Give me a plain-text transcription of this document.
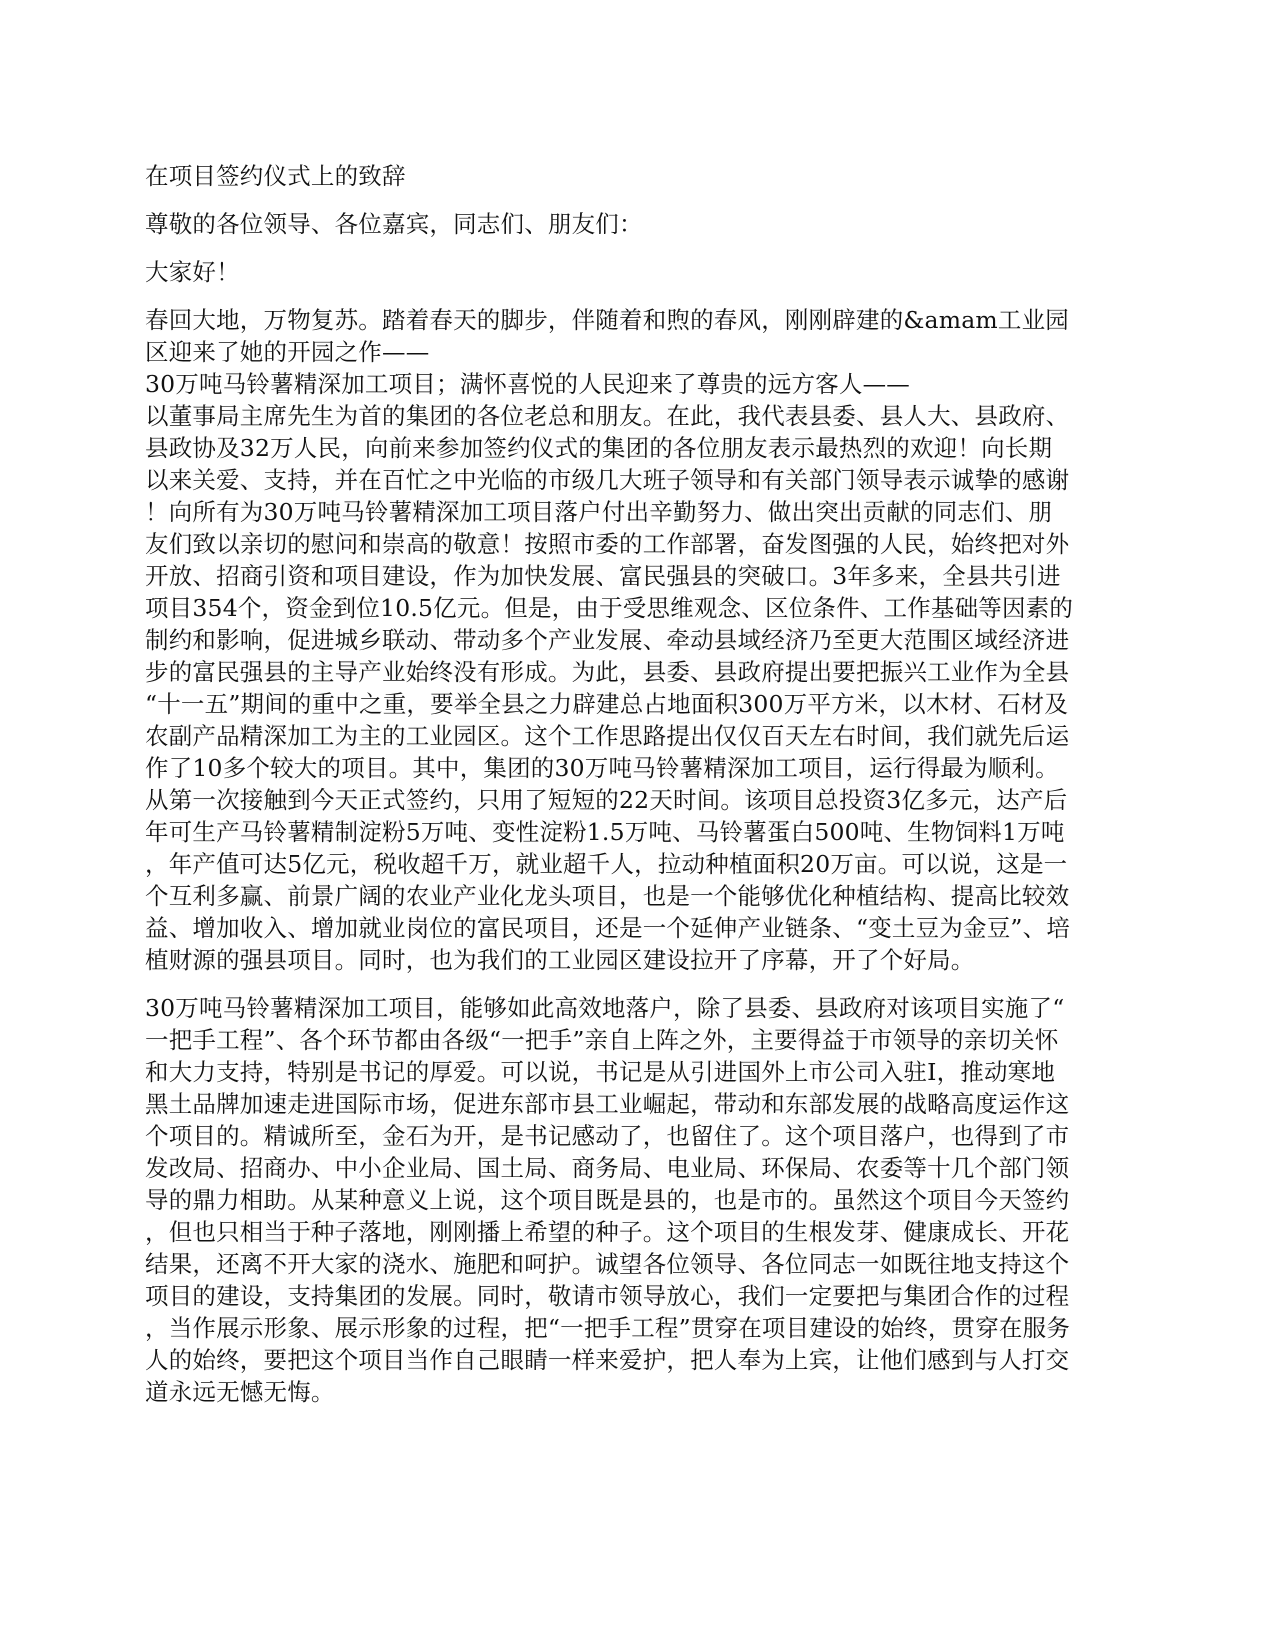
在项目签约仪式上的致辞
尊敬的各位领导、各位嘉宾，同志们、朋友们：
大家好！
春回大地，万物复苏。踏着春天的脚步，伴随着和煦的春风，刚刚辟建的&amam工业园
区迎来了她的开园之作——
30万吨马铃薯精深加工项目；满怀喜悦的人民迎来了尊贵的远方客人——
以董事局主席先生为首的集团的各位老总和朋友。在此，我代表县委、县人大、县政府、
县政协及32万人民，向前来参加签约仪式的集团的各位朋友表示最热烈的欢迎！向长期
以来关爱、支持，并在百忙之中光临的市级几大班子领导和有关部门领导表示诚挚的感谢
！向所有为30万吨马铃薯精深加工项目落户付出辛勤努力、做出突出贡献的同志们、朋
友们致以亲切的慰问和崇高的敬意！按照市委的工作部署，奋发图强的人民，始终把对外
开放、招商引资和项目建设，作为加快发展、富民强县的突破口。3年多来，全县共引进
项目354个，资金到位10.5亿元。但是，由于受思维观念、区位条件、工作基础等因素的
制约和影响，促进城乡联动、带动多个产业发展、牵动县域经济乃至更大范围区域经济进
步的富民强县的主导产业始终没有形成。为此，县委、县政府提出要把振兴工业作为全县
“十一五”期间的重中之重，要举全县之力辟建总占地面积300万平方米，以木材、石材及
农副产品精深加工为主的工业园区。这个工作思路提出仅仅百天左右时间，我们就先后运
作了10多个较大的项目。其中，集团的30万吨马铃薯精深加工项目，运行得最为顺利。
从第一次接触到今天正式签约，只用了短短的22天时间。该项目总投资3亿多元，达产后
年可生产马铃薯精制淀粉5万吨、变性淀粉1.5万吨、马铃薯蛋白500吨、生物饲料1万吨
，年产值可达5亿元，税收超千万，就业超千人，拉动种植面积20万亩。可以说，这是一
个互利多赢、前景广阔的农业产业化龙头项目，也是一个能够优化种植结构、提高比较效
益、增加收入、增加就业岗位的富民项目，还是一个延伸产业链条、“变土豆为金豆”、培
植财源的强县项目。同时，也为我们的工业园区建设拉开了序幕，开了个好局。
30万吨马铃薯精深加工项目，能够如此高效地落户，除了县委、县政府对该项目实施了“
一把手工程”、各个环节都由各级“一把手”亲自上阵之外，主要得益于市领导的亲切关怀
和大力支持，特别是书记的厚爱。可以说，书记是从引进国外上市公司入驻I，推动寒地
黑土品牌加速走进国际市场，促进东部市县工业崛起，带动和东部发展的战略高度运作这
个项目的。精诚所至，金石为开，是书记感动了，也留住了。这个项目落户，也得到了市
发改局、招商办、中小企业局、国土局、商务局、电业局、环保局、农委等十几个部门领
导的鼎力相助。从某种意义上说，这个项目既是县的，也是市的。虽然这个项目今天签约
，但也只相当于种子落地，刚刚播上希望的种子。这个项目的生根发芽、健康成长、开花
结果，还离不开大家的浇水、施肥和呵护。诚望各位领导、各位同志一如既往地支持这个
项目的建设，支持集团的发展。同时，敬请市领导放心，我们一定要把与集团合作的过程
，当作展示形象、展示形象的过程，把“一把手工程”贯穿在项目建设的始终，贯穿在服务
人的始终，要把这个项目当作自己眼睛一样来爱护，把人奉为上宾，让他们感到与人打交
道永远无憾无悔。
